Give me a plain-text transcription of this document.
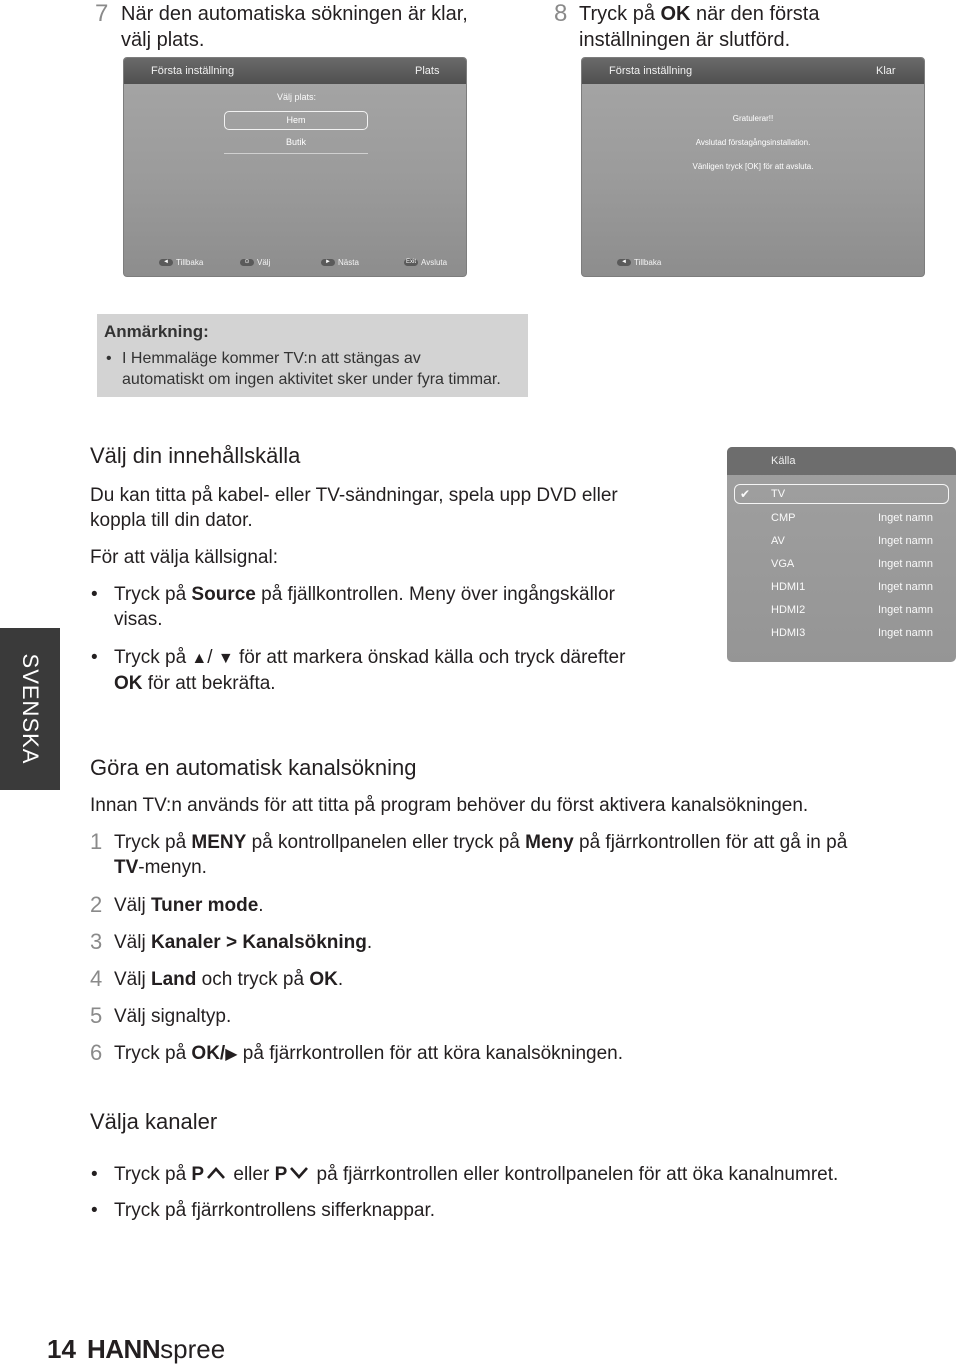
7 När den automatiska sökningen är klar,
välj plats.
8 Tryck på OK när den första
inställningen är slutförd.
Första inställning	Plats
Välj plats:
Hem
Butik
◄ Tillbaka	⊙ Välj	► Nästa	Exit Avsluta
Första inställning	Klar
Gratulerar!!
Avslutad förstagångsinstallation.
Vänligen tryck [OK] för att avsluta.
◄ Tillbaka
Anmärkning:
• I Hemmaläge kommer TV:n att stängas av
automatiskt om ingen aktivitet sker under fyra timmar.
Välj din innehållskälla
Du kan titta på kabel- eller TV-sändningar, spela upp DVD eller
koppla till din dator.
För att välja källsignal:
• Tryck på Source på fjällkontrollen. Meny över ingångskällor
visas.
• Tryck på ▲/ ▼ för att markera önskad källa och tryck därefter
OK för att bekräfta.
Källa
✔ TV
CMP	Inget namn
AV	Inget namn
VGA	Inget namn
HDMI1	Inget namn
HDMI2	Inget namn
HDMI3	Inget namn
SVENSKA
Göra en automatisk kanalsökning
Innan TV:n används för att titta på program behöver du först aktivera kanalsökningen.
1 Tryck på MENY på kontrollpanelen eller tryck på Meny på fjärrkontrollen för att gå in på
TV-menyn.
2 Välj Tuner mode.
3 Välj Kanaler > Kanalsökning.
4 Välj Land och tryck på OK.
5 Välj signaltyp.
6 Tryck på OK/▶ på fjärrkontrollen för att köra kanalsökningen.
Välja kanaler
• Tryck på P eller P på fjärrkontrollen eller kontrollpanelen för att öka kanalnumret.
• Tryck på fjärrkontrollens sifferknappar.
14 HANNspree
